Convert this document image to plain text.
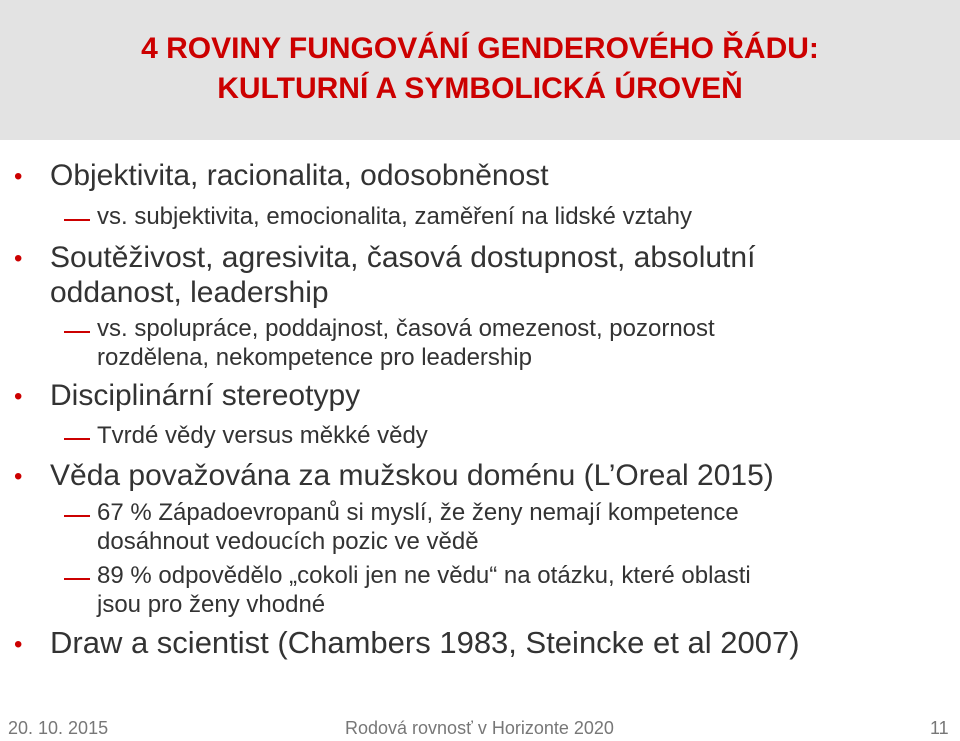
4 ROVINY FUNGOVÁNÍ GENDEROVÉHO ŘÁDU:
KULTURNÍ A SYMBOLICKÁ ÚROVEŇ
• Objektivita, racionalita, odosobněnost
vs. subjektivita, emocionalita, zaměření na lidské vztahy
• Soutěživost, agresivita, časová dostupnost, absolutní
oddanost, leadership
vs. spolupráce, poddajnost, časová omezenost, pozornost
rozdělena, nekompetence pro leadership
• Disciplinární stereotypy
Tvrdé vědy versus měkké vědy
• Věda považována za mužskou doménu (L’Oreal 2015)
67 % Západoevropanů si myslí, že ženy nemají kompetence
dosáhnout vedoucích pozic ve vědě
89 % odpovědělo „cokoli jen ne vědu“ na otázku, které oblasti
jsou pro ženy vhodné
• Draw a scientist (Chambers 1983, Steincke et al 2007)
20. 10. 2015	Rodová rovnosť v Horizonte 2020	11
